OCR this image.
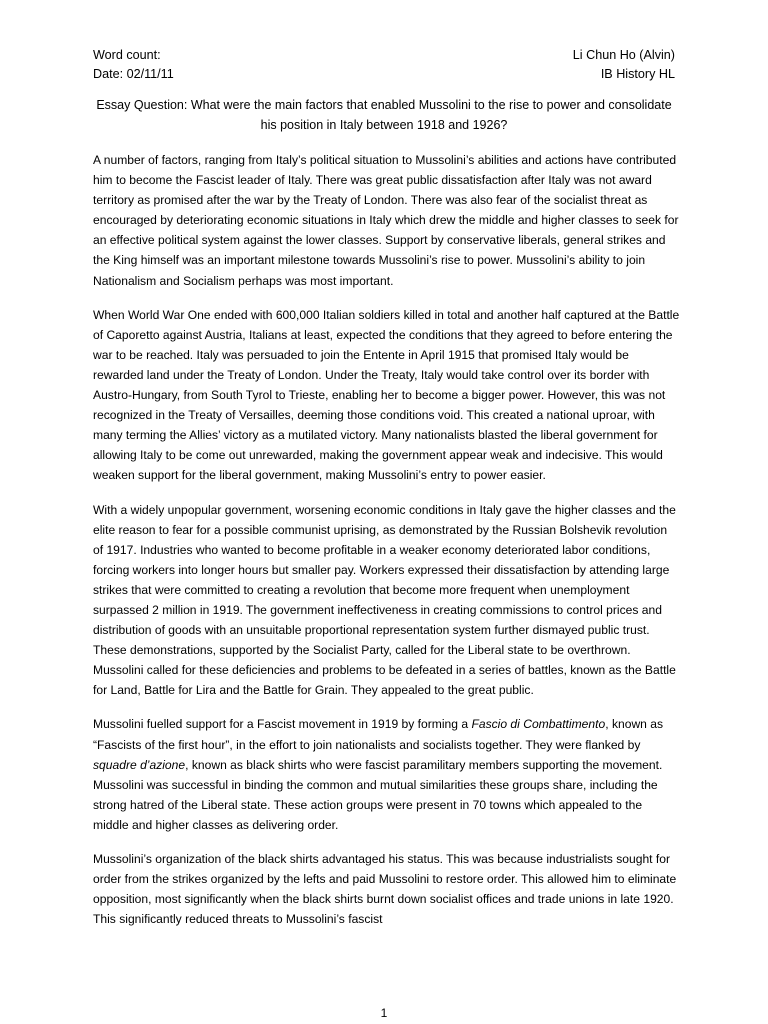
Word count:	Li Chun Ho (Alvin)
Date: 02/11/11	IB History HL
Essay Question: What were the main factors that enabled Mussolini to the rise to power and consolidate his position in Italy between 1918 and 1926?

A number of factors, ranging from Italy’s political situation to Mussolini’s abilities and actions have contributed him to become the Fascist leader of Italy. There was great public dissatisfaction after Italy was not award territory as promised after the war by the Treaty of London. There was also fear of the socialist threat as encouraged by deteriorating economic situations in Italy which drew the middle and higher classes to seek for an effective political system against the lower classes. Support by conservative liberals, general strikes and the King himself was an important milestone towards Mussolini’s rise to power. Mussolini’s ability to join Nationalism and Socialism perhaps was most important.

When World War One ended with 600,000 Italian soldiers killed in total and another half captured at the Battle of Caporetto against Austria, Italians at least, expected the conditions that they agreed to before entering the war to be reached. Italy was persuaded to join the Entente in April 1915 that promised Italy would be rewarded land under the Treaty of London. Under the Treaty, Italy would take control over its border with Austro-Hungary, from South Tyrol to Trieste, enabling her to become a bigger power. However, this was not recognized in the Treaty of Versailles, deeming those conditions void. This created a national uproar, with many terming the Allies’ victory as a mutilated victory. Many nationalists blasted the liberal government for allowing Italy to be come out unrewarded, making the government appear weak and indecisive. This would weaken support for the liberal government, making Mussolini’s entry to power easier.

With a widely unpopular government, worsening economic conditions in Italy gave the higher classes and the elite reason to fear for a possible communist uprising, as demonstrated by the Russian Bolshevik revolution of 1917. Industries who wanted to become profitable in a weaker economy deteriorated labor conditions, forcing workers into longer hours but smaller pay. Workers expressed their dissatisfaction by attending large strikes that were committed to creating a revolution that become more frequent when unemployment surpassed 2 million in 1919. The government ineffectiveness in creating commissions to control prices and distribution of goods with an unsuitable proportional representation system further dismayed public trust. These demonstrations, supported by the Socialist Party, called for the Liberal state to be overthrown. Mussolini called for these deficiencies and problems to be defeated in a series of battles, known as the Battle for Land, Battle for Lira and the Battle for Grain. They appealed to the great public.

Mussolini fuelled support for a Fascist movement in 1919 by forming a Fascio di Combattimento, known as “Fascists of the first hour”, in the effort to join nationalists and socialists together. They were flanked by squadre d’azione, known as black shirts who were fascist paramilitary members supporting the movement. Mussolini was successful in binding the common and mutual similarities these groups share, including the strong hatred of the Liberal state. These action groups were present in 70 towns which appealed to the middle and higher classes as delivering order.

Mussolini’s organization of the black shirts advantaged his status. This was because industrialists sought for order from the strikes organized by the lefts and paid Mussolini to restore order. This allowed him to eliminate opposition, most significantly when the black shirts burnt down socialist offices and trade unions in late 1920. This significantly reduced threats to Mussolini’s fascist

1
